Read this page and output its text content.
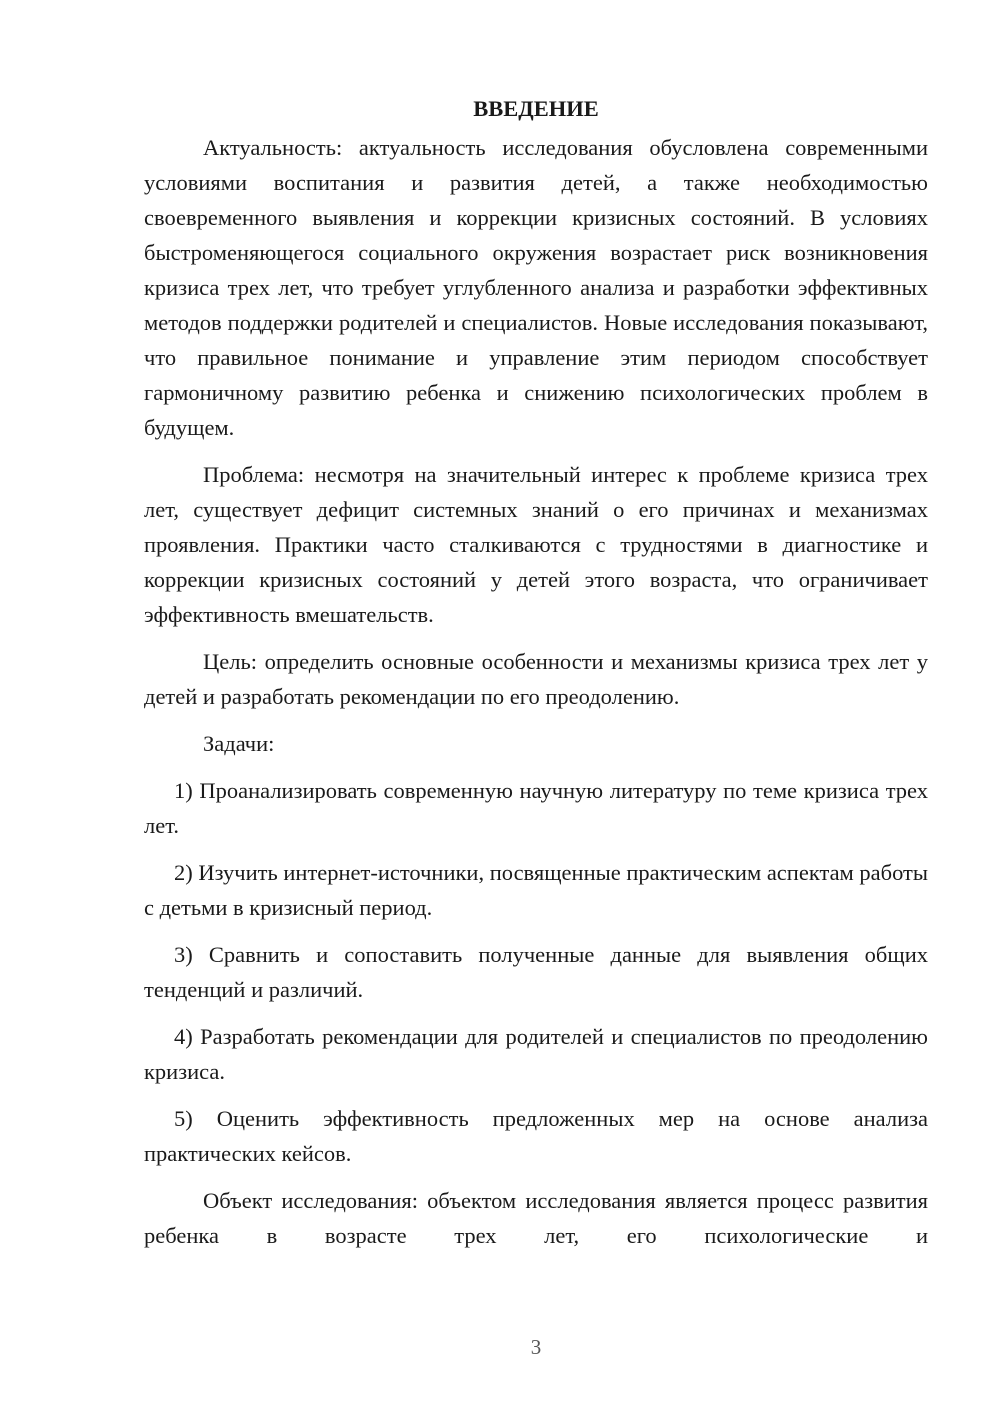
ВВЕДЕНИЕ

Актуальность: актуальность исследования обусловлена современными условиями воспитания и развития детей, а также необходимостью своевременного выявления и коррекции кризисных состояний. В условиях быстроменяющегося социального окружения возрастает риск возникновения кризиса трех лет, что требует углубленного анализа и разработки эффективных методов поддержки родителей и специалистов. Новые исследования показывают, что правильное понимание и управление этим периодом способствует гармоничному развитию ребенка и снижению психологических проблем в будущем.

Проблема: несмотря на значительный интерес к проблеме кризиса трех лет, существует дефицит системных знаний о его причинах и механизмах проявления. Практики часто сталкиваются с трудностями в диагностике и коррекции кризисных состояний у детей этого возраста, что ограничивает эффективность вмешательств.

Цель: определить основные особенности и механизмы кризиса трех лет у детей и разработать рекомендации по его преодолению.

Задачи:

1) Проанализировать современную научную литературу по теме кризиса трех лет.

2) Изучить интернет-источники, посвященные практическим аспектам работы с детьми в кризисный период.

3) Сравнить и сопоставить полученные данные для выявления общих тенденций и различий.

4) Разработать рекомендации для родителей и специалистов по преодолению кризиса.

5) Оценить эффективность предложенных мер на основе анализа практических кейсов.

Объект исследования: объектом исследования является процесс развития ребенка в возрасте трех лет, его психологические и

3
